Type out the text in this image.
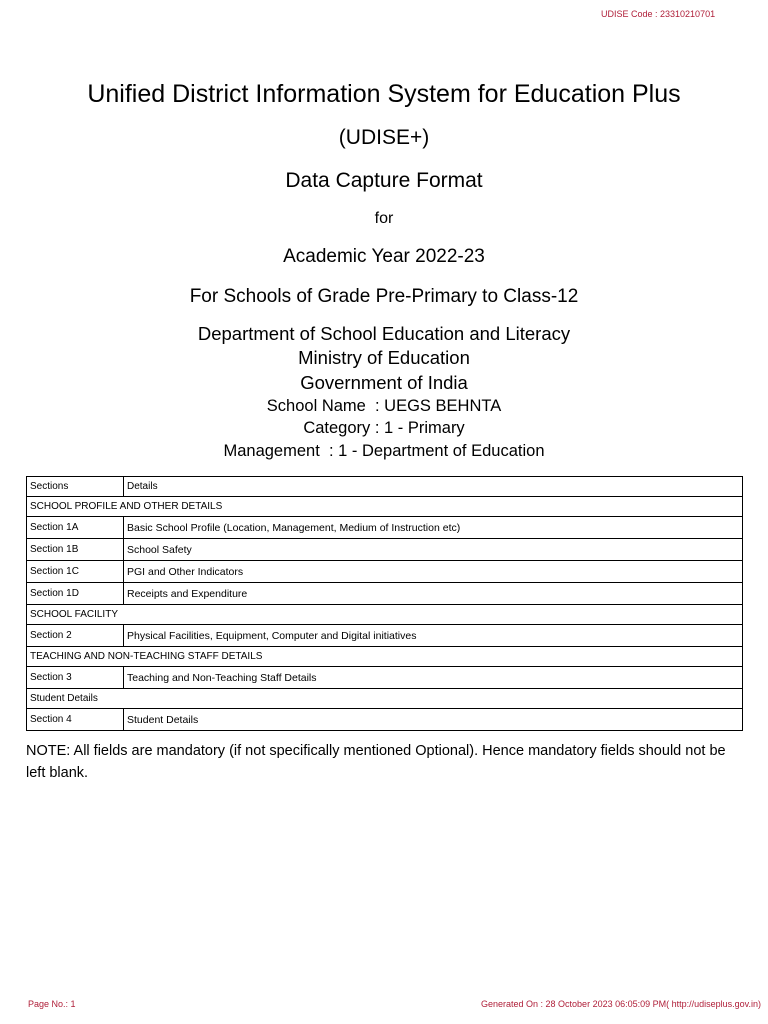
UDISE Code : 23310210701
Unified District Information System for Education Plus
(UDISE+)
Data Capture Format
for
Academic Year 2022-23
For Schools of Grade Pre-Primary to Class-12
Department of School Education and Literacy
Ministry of Education
Government of India
School Name  : UEGS BEHNTA
Category : 1 - Primary
Management  : 1 - Department of Education
Sections	Details
SCHOOL PROFILE AND OTHER DETAILS	
Section 1A	Basic School Profile (Location, Management, Medium of Instruction etc)
Section 1B	School Safety
Section 1C	PGI and Other Indicators
Section 1D	Receipts and Expenditure
SCHOOL FACILITY	
Section 2	Physical Facilities, Equipment, Computer and Digital initiatives
TEACHING AND NON-TEACHING STAFF DETAILS	
Section 3	Teaching and Non-Teaching Staff Details
Student Details	
Section 4	Student Details
NOTE: All fields are mandatory (if not specifically mentioned Optional). Hence mandatory fields should not be left blank.
Page No.: 1	Generated On : 28 October 2023 06:05:09 PM( http://udiseplus.gov.in)
